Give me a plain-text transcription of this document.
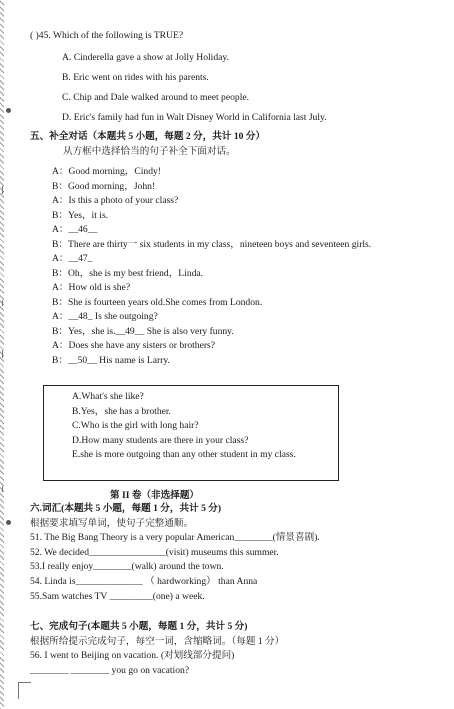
( )45. Which of the following is TRUE?
A. Cinderella gave a show at Jolly Holiday.
B. Eric went on rides with his parents.
C. Chip and Dale walked around to meet people.
D. Eric's family had fun in Walt Disney World in California last July.
五、补全对话（本题共 5 小题，每题 2 分，共计 10 分）
从方框中选择恰当的句子补全下面对话。
A：Good morning，Cindy!
B：Good morning，John!
A：Is this a photo of your class?
B：Yes，it is.
A：__46__
B：There are thirty一 six students in my class，nineteen boys and seventeen girls.
A：__47_
B：Oh，she is my best friend，Linda.
A：How old is she?
B：She is fourteen years old.She comes from London.
A：__48_ Is she outgoing?
B：Yes，she is.__49__ She is also very funny.
A：Does she have any sisters or brothers?
B：__50__ His name is Larry.
A.What's she like?
B.Yes，she has a brother.
C.Who is the girl with long hair?
D.How many students are there in your class?
E.she is more outgoing than any other student in my class.
第 II 卷（非选择题）
六.词汇(本题共 5 小题，每题 1 分，共计 5 分)
根据要求填写单词，使句子完整通顺。
51. The Big Bang Theory is a very popular American________(情景喜剧).
52. We decided________________(visit) museums this summer.
53.I really enjoy________(walk) around the town.
54. Linda is______________ （ hardworking） than Anna
55.Sam watches TV _________(one) a week.
七、完成句子(本题共 5 小题，每题 1 分，共计 5 分)
根据所给提示完成句子，每空一词，含缩略词。（每题 1 分）
56. I went to Beijing on vacation. (对划线部分提问)
________ ________ you go on vacation?
